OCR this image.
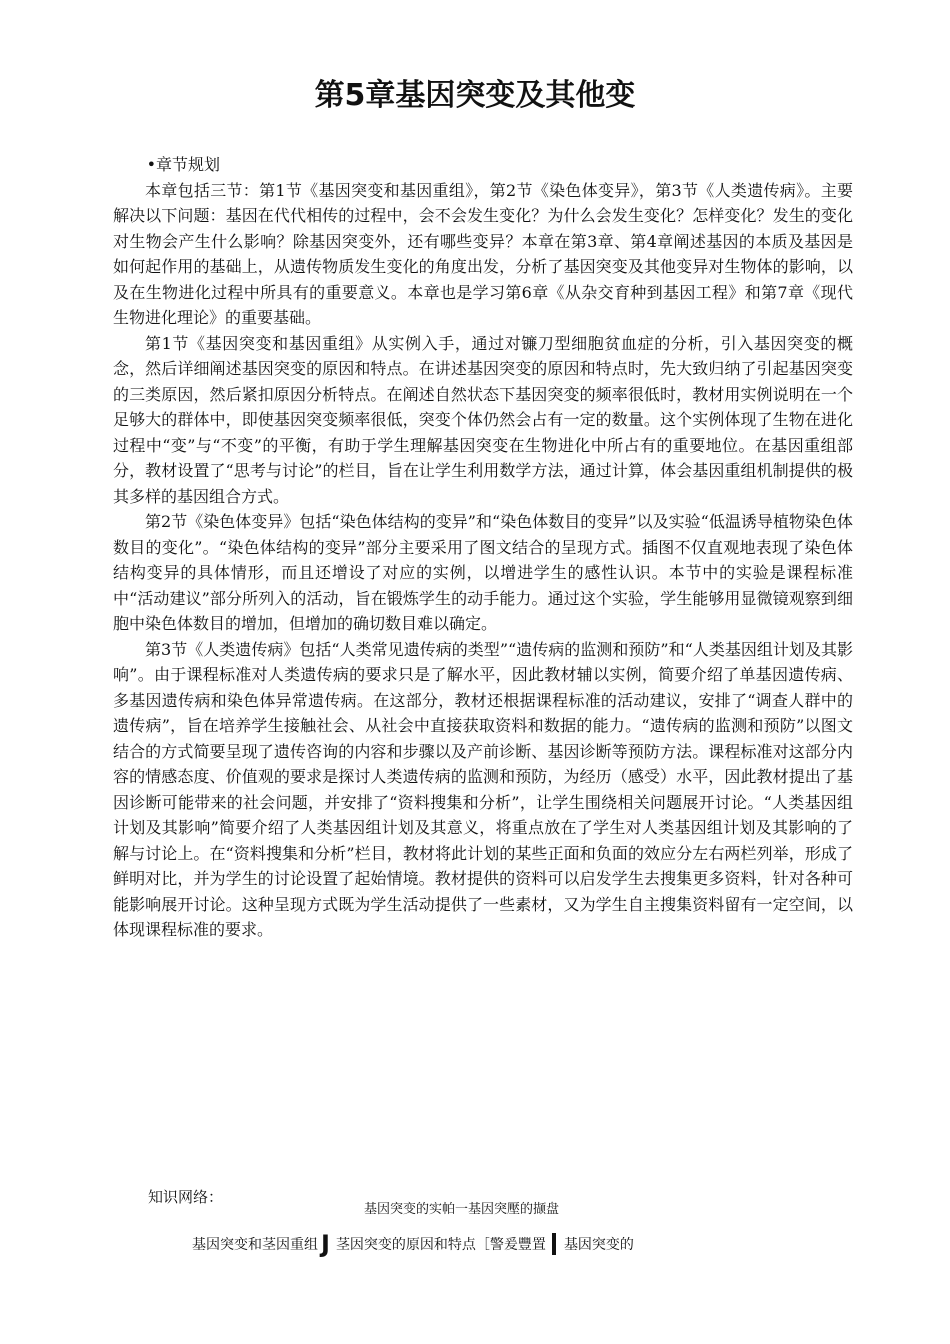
第5章基因突变及其他变

•章节规划

本章包括三节：第1节《基因突变和基因重组》，第2节《染色体变异》，第3节《人类遗传病》。主要解决以下问题：基因在代代相传的过程中，会不会发生变化？为什么会发生变化？怎样变化？发生的变化对生物会产生什么影响？除基因突变外，还有哪些变异？本章在第3章、第4章阐述基因的本质及基因是如何起作用的基础上，从遗传物质发生变化的角度出发，分析了基因突变及其他变异对生物体的影响，以及在生物进化过程中所具有的重要意义。本章也是学习第6章《从杂交育种到基因工程》和第7章《现代生物进化理论》的重要基础。

第1节《基因突变和基因重组》从实例入手，通过对镰刀型细胞贫血症的分析，引入基因突变的概念，然后详细阐述基因突变的原因和特点。在讲述基因突变的原因和特点时，先大致归纳了引起基因突变的三类原因，然后紧扣原因分析特点。在阐述自然状态下基因突变的频率很低时，教材用实例说明在一个足够大的群体中，即使基因突变频率很低，突变个体仍然会占有一定的数量。这个实例体现了生物在进化过程中“变”与“不变”的平衡，有助于学生理解基因突变在生物进化中所占有的重要地位。在基因重组部分，教材设置了“思考与讨论”的栏目，旨在让学生利用数学方法，通过计算，体会基因重组机制提供的极其多样的基因组合方式。

第2节《染色体变异》包括“染色体结构的变异”和“染色体数目的变异”以及实验“低温诱导植物染色体数目的变化”。“染色体结构的变异”部分主要采用了图文结合的呈现方式。插图不仅直观地表现了染色体结构变异的具体情形，而且还增设了对应的实例，以增进学生的感性认识。本节中的实验是课程标准中“活动建议”部分所列入的活动，旨在锻炼学生的动手能力。通过这个实验，学生能够用显微镜观察到细胞中染色体数目的增加，但增加的确切数目难以确定。

第3节《人类遗传病》包括“人类常见遗传病的类型”“遗传病的监测和预防”和“人类基因组计划及其影响”。由于课程标准对人类遗传病的要求只是了解水平，因此教材辅以实例，简要介绍了单基因遗传病、多基因遗传病和染色体异常遗传病。在这部分，教材还根据课程标准的活动建议，安排了“调查人群中的遗传病”，旨在培养学生接触社会、从社会中直接获取资料和数据的能力。“遗传病的监测和预防”以图文结合的方式简要呈现了遗传咨询的内容和步骤以及产前诊断、基因诊断等预防方法。课程标准对这部分内容的情感态度、价值观的要求是探讨人类遗传病的监测和预防，为经历（感受）水平，因此教材提出了基因诊断可能带来的社会问题，并安排了“资料搜集和分析”，让学生围绕相关问题展开讨论。“人类基因组计划及其影响”简要介绍了人类基因组计划及其意义，将重点放在了学生对人类基因组计划及其影响的了解与讨论上。在“资料搜集和分析”栏目，教材将此计划的某些正面和负面的效应分左右两栏列举，形成了鲜明对比，并为学生的讨论设置了起始情境。教材提供的资料可以启发学生去搜集更多资料，针对各种可能影响展开讨论。这种呈现方式既为学生活动提供了一些素材，又为学生自主搜集资料留有一定空间，以体现课程标准的要求。

知识网络：
基因突变的实帕一基因突壓的撷盘
基因突变和茎因重组 J 茎因突变的原因和特点［警爰豐置 基因突变的
